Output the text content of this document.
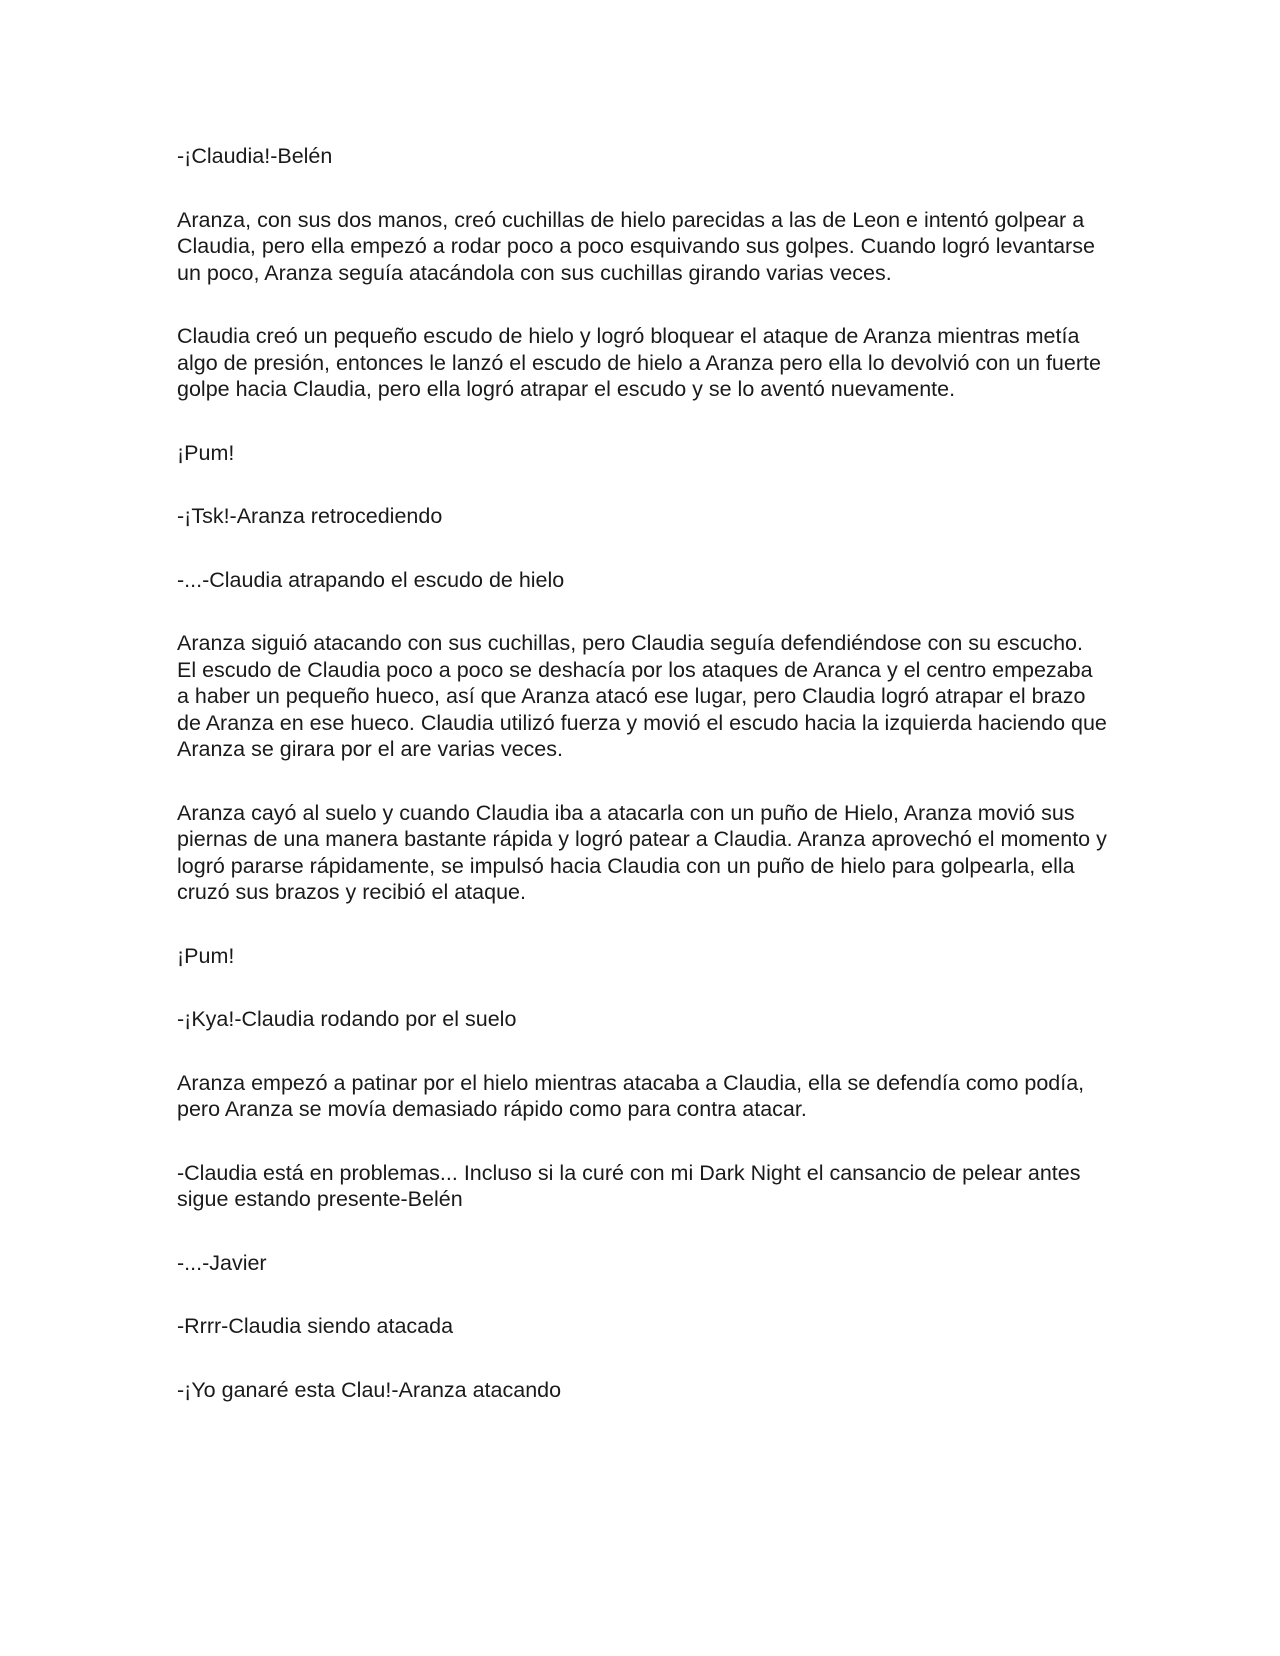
-¡Claudia!-Belén

Aranza, con sus dos manos, creó cuchillas de hielo parecidas a las de Leon e intentó golpear a Claudia, pero ella empezó a rodar poco a poco esquivando sus golpes. Cuando logró levantarse un poco, Aranza seguía atacándola con sus cuchillas girando varias veces.

Claudia creó un pequeño escudo de hielo y logró bloquear el ataque de Aranza mientras metía algo de presión, entonces le lanzó el escudo de hielo a Aranza pero ella lo devolvió con un fuerte golpe hacia Claudia, pero ella logró atrapar el escudo y se lo aventó nuevamente.

¡Pum!

-¡Tsk!-Aranza retrocediendo

-...-Claudia atrapando el escudo de hielo

Aranza siguió atacando con sus cuchillas, pero Claudia seguía defendiéndose con su escucho. El escudo de Claudia poco a poco se deshacía por los ataques de Aranca y el centro empezaba a haber un pequeño hueco, así que Aranza atacó ese lugar, pero Claudia logró atrapar el brazo de Aranza en ese hueco. Claudia utilizó fuerza y movió el escudo hacia la izquierda haciendo que Aranza se girara por el are varias veces.

Aranza cayó al suelo y cuando Claudia iba a atacarla con un puño de Hielo, Aranza movió sus piernas de una manera bastante rápida y logró patear a Claudia. Aranza aprovechó el momento y logró pararse rápidamente, se impulsó hacia Claudia con un puño de hielo para golpearla, ella cruzó sus brazos y recibió el ataque.

¡Pum!

-¡Kya!-Claudia rodando por el suelo

Aranza empezó a patinar por el hielo mientras atacaba a Claudia, ella se defendía como podía, pero Aranza se movía demasiado rápido como para contra atacar.

-Claudia está en problemas... Incluso si la curé con mi Dark Night el cansancio de pelear antes sigue estando presente-Belén

-...-Javier

-Rrrr-Claudia siendo atacada

-¡Yo ganaré esta Clau!-Aranza atacando
